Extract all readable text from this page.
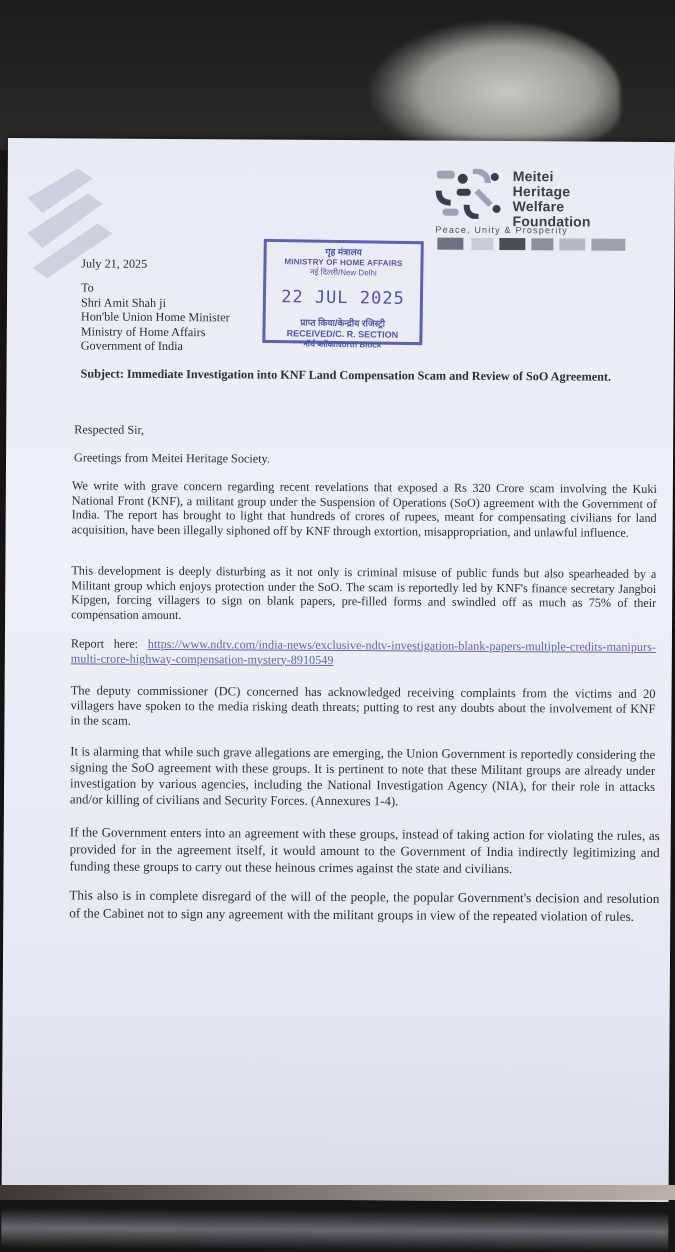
Meitei
Heritage
Welfare
Foundation
Peace, Unity & Prosperity
July 21, 2025
To
Shri Amit Shah ji
Hon'ble Union Home Minister
Ministry of Home Affairs
Government of India
गृह मंत्रालय
MINISTRY OF HOME AFFAIRS
नई दिल्ली/New Delhi
22 JUL 2025
प्राप्त किया/केन्द्रीय रजिस्ट्री
RECEIVED/C. R. SECTION
नॉर्थ ब्लॉक/North Block
Subject: Immediate Investigation into KNF Land Compensation Scam and Review of SoO Agreement.
Respected Sir,
Greetings from Meitei Heritage Society.
We write with grave concern regarding recent revelations that exposed a Rs 320 Crore scam involving the Kuki National Front (KNF), a militant group under the Suspension of Operations (SoO) agreement with the Government of India. The report has brought to light that hundreds of crores of rupees, meant for compensating civilians for land acquisition, have been illegally siphoned off by KNF through extortion, misappropriation, and unlawful influence.
This development is deeply disturbing as it not only is criminal misuse of public funds but also spearheaded by a Militant group which enjoys protection under the SoO. The scam is reportedly led by KNF's finance secretary Jangboi Kipgen, forcing villagers to sign on blank papers, pre-filled forms and swindled off as much as 75% of their compensation amount.
Report here: https://www.ndtv.com/india-news/exclusive-ndtv-investigation-blank-papers-multiple-credits-manipurs-multi-crore-highway-compensation-mystery-8910549
The deputy commissioner (DC) concerned has acknowledged receiving complaints from the victims and 20 villagers have spoken to the media risking death threats; putting to rest any doubts about the involvement of KNF in the scam.
It is alarming that while such grave allegations are emerging, the Union Government is reportedly considering the signing the SoO agreement with these groups. It is pertinent to note that these Militant groups are already under investigation by various agencies, including the National Investigation Agency (NIA), for their role in attacks and/or killing of civilians and Security Forces. (Annexures 1-4).
If the Government enters into an agreement with these groups, instead of taking action for violating the rules, as provided for in the agreement itself, it would amount to the Government of India indirectly legitimizing and funding these groups to carry out these heinous crimes against the state and civilians.
This also is in complete disregard of the will of the people, the popular Government's decision and resolution of the Cabinet not to sign any agreement with the militant groups in view of the repeated violation of rules.
